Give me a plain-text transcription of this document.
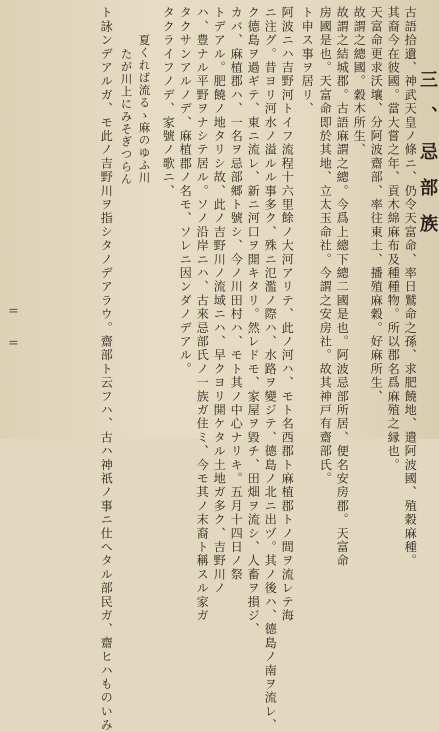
三、忌部族
古語拾遺、神武天皇ノ條ニ、仍令天富命、率日鷲命之孫、求肥饒地、遣阿波國、殖穀麻種。
其裔今在彼國。當大嘗之年、貢木綿麻布及種種物。所以郡名爲麻殖之縁也。
天富命更求沃壤、分阿波齋部、率往東土、播殖麻穀。好麻所生、
故謂之總國。穀木所生、
故謂之結城郡。古語麻謂之總。今爲上總下總二國是也。阿波忌部所居、便名安房郡。天富命
房國是也。天富命即於其地、立太玉命社。今謂之安房社。故其神戸有齋部氏。
ト申ス事ヲ居リ、
阿波ニハ吉野河トイフ流程十六里餘ノ大河アリテ、此ノ河ハ、モト名西郡ト麻植郡トノ間ヲ流レテ海
ニ注グ。昔ヨリ河水ノ溢ルル事多ク、殊ニ氾濫ノ際ハ、水路ヲ變ジテ、德島ノ北ニ出ヅ。其ノ後ハ、德島ノ南ヲ流レ、
ク德島ヲ過ギテ、東ニ流レ、新ニ河口ヲ開キタリ。然レドモ、家屋ヲ毀チ、田畑ヲ流シ、人畜ヲ損ジ、
カバ、麻植郡ハ、一名ヲ忌部郷ト號シ、今ノ川田村ハ、モト其ノ中心ナリキ。五月十四日ノ祭
トデアル。肥饒ノ地タリシ故、此ノ吉野川ノ流域ニハ、早クヨリ開ケタル土地ガ多ク、吉野川ノ
ハ、豊ナル平野ヲナシテ居ル。ソノ沿岸ニハ、古來忌部氏ノ一族ガ住ミ、今モ其ノ末裔ト稱スル家ガ
タクサンアルノデ、麻植郡ノ名モ、ソレニ因ンダノデアル。
タクライフノデ、家號ノ歌ニ、
夏くれば流るゝ麻のゆふ川
たが川上にみそぎつらん
ト詠ンデアルガ、モ此ノ吉野川ヲ指シタノデアラウ。齋部ト云フハ、古ハ神祇ノ事ニ仕ヘタル部民ガ、齋ヒハものいみ
=
=
